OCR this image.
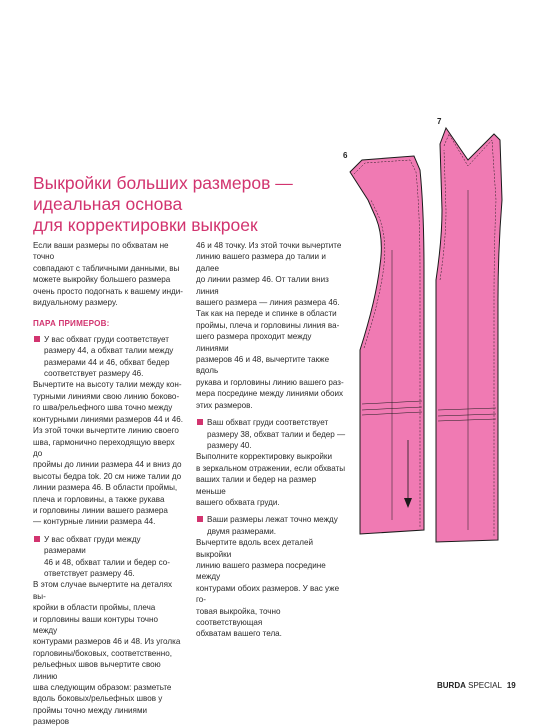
Выкройки больших размеров —
идеальная основа
для корректировки выкроек

Если ваши размеры по обхватам не точно

совпадают с табличными данными, вы

можете выкройку большего размера

очень просто подогнать к вашему инди-

видуальному размеру.

ПАРА ПРИМЕРОВ:

У вас обхват груди соответствует

размеру 44, а обхват талии между

размерами 44 и 46, обхват бедер

соответствует размеру 46.

Вычертите на высоту талии между кон-

турными линиями свою линию боково-

го шва/рельефного шва точно между

контурными линиями размеров 44 и 46.

Из этой точки вычертите линию своего

шва, гармонично переходящую вверх до

проймы до линии размера 44 и вниз до

высоты бедра tok. 20 см ниже талии до

линии размера 46. В области проймы,

плеча и горловины, а также рукава

и горловины линии вашего размера

— контурные линии размера 44.

У вас обхват груди между размерами

46 и 48, обхват талии и бедер со-

ответствует размеру 46.

В этом случае вычертите на деталях вы-

кройки в области проймы, плеча

и горловины ваши контуры точно между

контурами размеров 46 и 48. Из уголка

горловины/боковых, соответственно,

рельефных швов вычертите свою линию

шва следующим образом: разметьте

вдоль боковых/рельефных швов у

проймы точно между линиями размеров

46 и 48 точку. Из этой точки вычертите

линию вашего размера до талии и далее

до линии размер 46. От талии вниз линия

вашего размера — линия размера 46.

Так как на переде и спинке в области

проймы, плеча и горловины линия ва-

шего размера проходит между линиями

размеров 46 и 48, вычертите также вдоль

рукава и горловины линию вашего раз-

мера посредине между линиями обоих

этих размеров.

Ваш обхват груди соответствует

размеру 38, обхват талии и бедер —

размеру 40.

Выполните корректировку выкройки

в зеркальном отражении, если обхваты

ваших талии и бедер на размер меньше

вашего обхвата груди.

Ваши размеры лежат точно между

двумя размерами.

Вычертите вдоль всех деталей выкройки

линию вашего размера посредине между

контурами обоих размеров. У вас уже го-

товая выкройка, точно соответствующая

обхватам вашего тела.

6
7
BURDA SPECIAL 19
